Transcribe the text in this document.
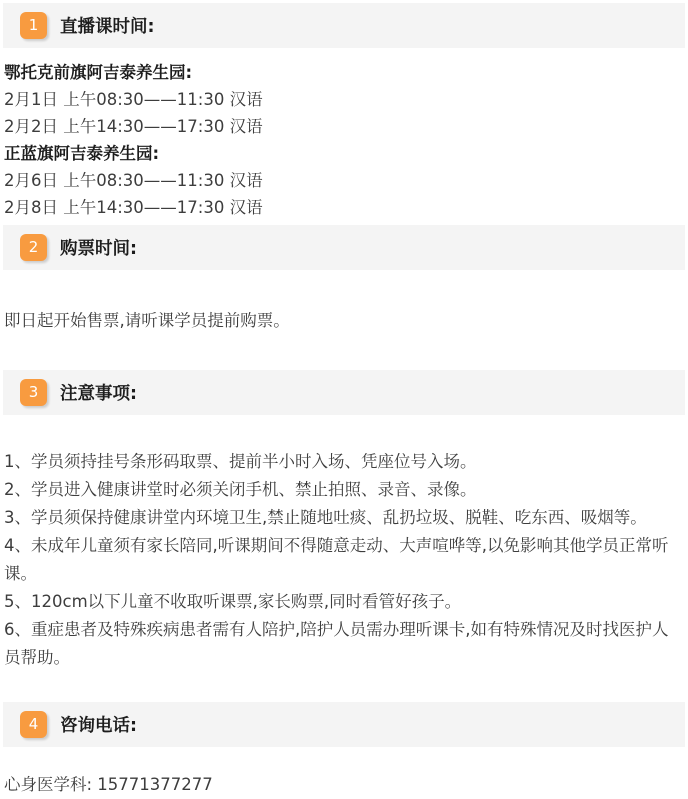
1	直播课时间:

鄂托克前旗阿吉泰养生园:

2月1日 上午08:30——11:30 汉语

2月2日 上午14:30——17:30 汉语

正蓝旗阿吉泰养生园:

2月6日 上午08:30——11:30 汉语

2月8日 上午14:30——17:30 汉语

2	购票时间:

即日起开始售票,请听课学员提前购票。

3	注意事项:

1、学员须持挂号条形码取票、提前半小时入场、凭座位号入场。

2、学员进入健康讲堂时必须关闭手机、禁止拍照、录音、录像。

3、学员须保持健康讲堂内环境卫生,禁止随地吐痰、乱扔垃圾、脱鞋、吃东西、吸烟等。

4、未成年儿童须有家长陪同,听课期间不得随意走动、大声喧哗等,以免影响其他学员正常听课。

5、120cm以下儿童不收取听课票,家长购票,同时看管好孩子。

6、重症患者及特殊疾病患者需有人陪护,陪护人员需办理听课卡,如有特殊情况及时找医护人员帮助。

4	咨询电话:

心身医学科: 15771377277
